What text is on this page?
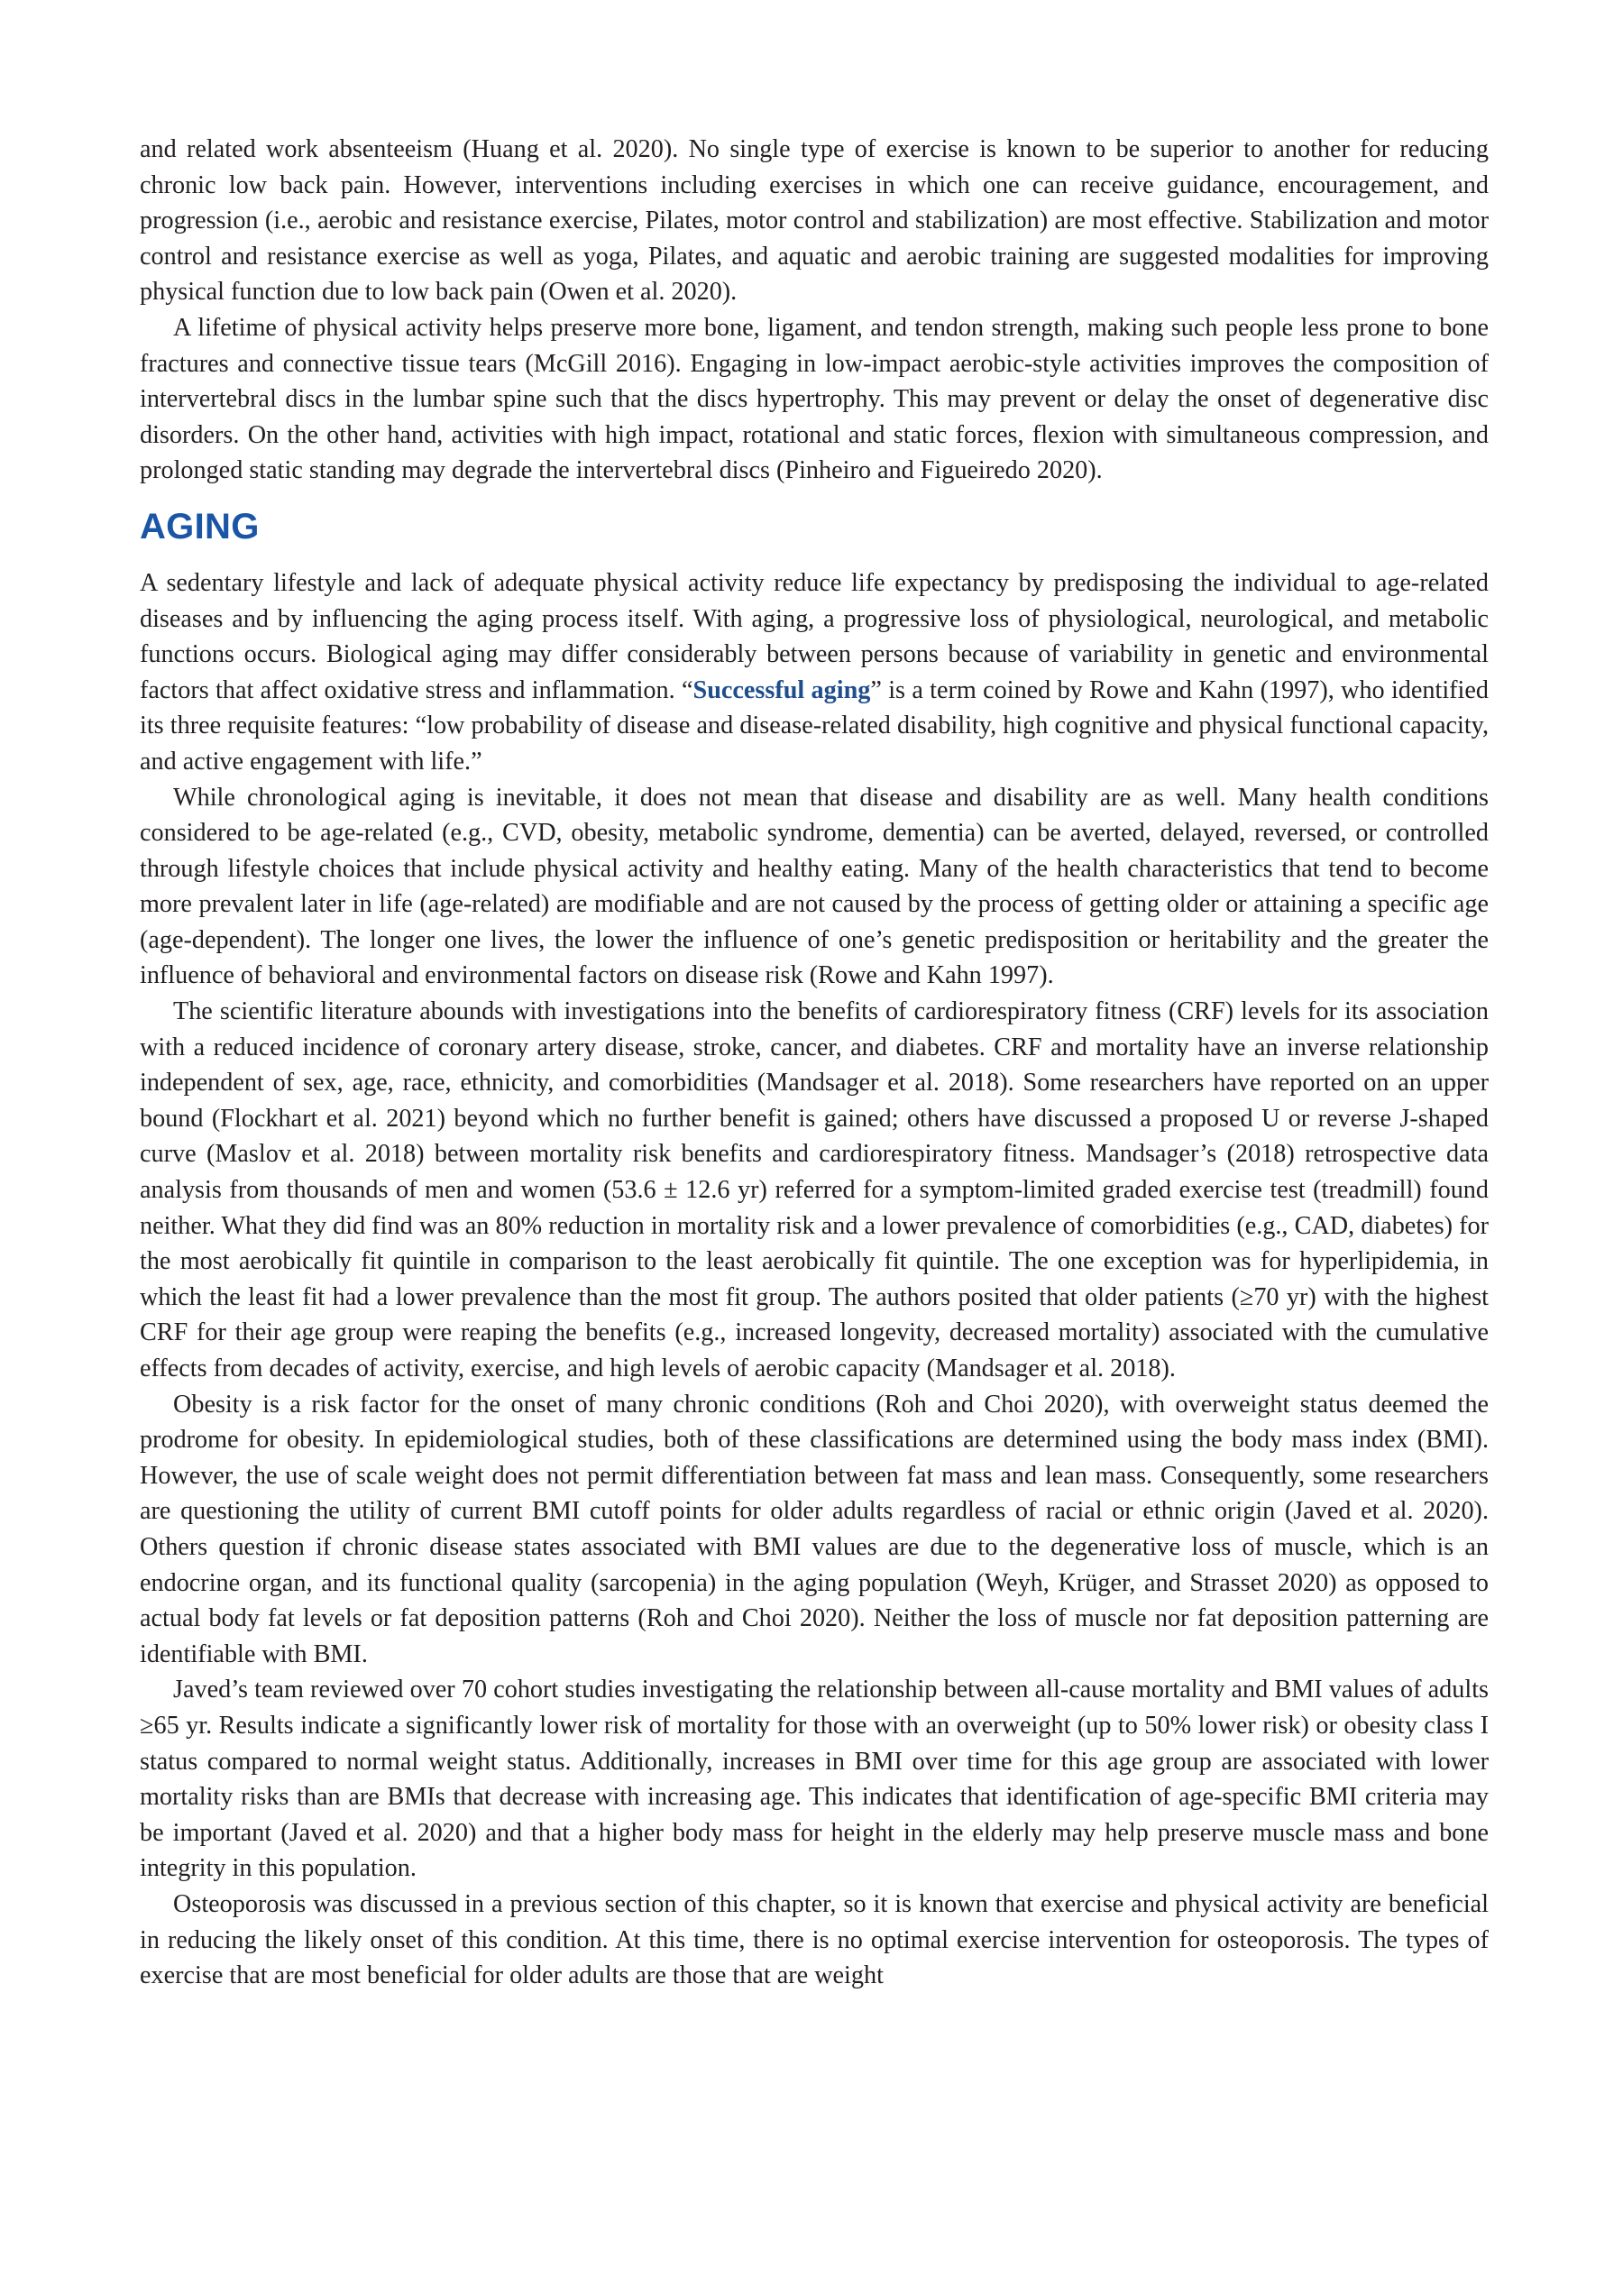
and related work absenteeism (Huang et al. 2020). No single type of exercise is known to be superior to another for reducing chronic low back pain. However, interventions including exercises in which one can receive guidance, encouragement, and progression (i.e., aerobic and resistance exercise, Pilates, motor control and stabilization) are most effective. Stabilization and motor control and resistance exercise as well as yoga, Pilates, and aquatic and aerobic training are suggested modalities for improving physical function due to low back pain (Owen et al. 2020).

A lifetime of physical activity helps preserve more bone, ligament, and tendon strength, making such people less prone to bone fractures and connective tissue tears (McGill 2016). Engaging in low-impact aerobic-style activities improves the composition of intervertebral discs in the lumbar spine such that the discs hypertrophy. This may prevent or delay the onset of degenerative disc disorders. On the other hand, activities with high impact, rotational and static forces, flexion with simultaneous compression, and prolonged static standing may degrade the intervertebral discs (Pinheiro and Figueiredo 2020).

AGING

A sedentary lifestyle and lack of adequate physical activity reduce life expectancy by predisposing the individual to age-related diseases and by influencing the aging process itself. With aging, a progressive loss of physiological, neurological, and metabolic functions occurs. Biological aging may differ considerably between persons because of variability in genetic and environmental factors that affect oxidative stress and inflammation. “Successful aging” is a term coined by Rowe and Kahn (1997), who identified its three requisite features: “low probability of disease and disease-related disability, high cognitive and physical functional capacity, and active engagement with life.”

While chronological aging is inevitable, it does not mean that disease and disability are as well. Many health conditions considered to be age-related (e.g., CVD, obesity, metabolic syndrome, dementia) can be averted, delayed, reversed, or controlled through lifestyle choices that include physical activity and healthy eating. Many of the health characteristics that tend to become more prevalent later in life (age-related) are modifiable and are not caused by the process of getting older or attaining a specific age (age-dependent). The longer one lives, the lower the influence of one’s genetic predisposition or heritability and the greater the influence of behavioral and environmental factors on disease risk (Rowe and Kahn 1997).

The scientific literature abounds with investigations into the benefits of cardiorespiratory fitness (CRF) levels for its association with a reduced incidence of coronary artery disease, stroke, cancer, and diabetes. CRF and mortality have an inverse relationship independent of sex, age, race, ethnicity, and comorbidities (Mandsager et al. 2018). Some researchers have reported on an upper bound (Flockhart et al. 2021) beyond which no further benefit is gained; others have discussed a proposed U or reverse J-shaped curve (Maslov et al. 2018) between mortality risk benefits and cardiorespiratory fitness. Mandsager’s (2018) retrospective data analysis from thousands of men and women (53.6 ± 12.6 yr) referred for a symptom-limited graded exercise test (treadmill) found neither. What they did find was an 80% reduction in mortality risk and a lower prevalence of comorbidities (e.g., CAD, diabetes) for the most aerobically fit quintile in comparison to the least aerobically fit quintile. The one exception was for hyperlipidemia, in which the least fit had a lower prevalence than the most fit group. The authors posited that older patients (≥70 yr) with the highest CRF for their age group were reaping the benefits (e.g., increased longevity, decreased mortality) associated with the cumulative effects from decades of activity, exercise, and high levels of aerobic capacity (Mandsager et al. 2018).

Obesity is a risk factor for the onset of many chronic conditions (Roh and Choi 2020), with overweight status deemed the prodrome for obesity. In epidemiological studies, both of these classifications are determined using the body mass index (BMI). However, the use of scale weight does not permit differentiation between fat mass and lean mass. Consequently, some researchers are questioning the utility of current BMI cutoff points for older adults regardless of racial or ethnic origin (Javed et al. 2020). Others question if chronic disease states associated with BMI values are due to the degenerative loss of muscle, which is an endocrine organ, and its functional quality (sarcopenia) in the aging population (Weyh, Krüger, and Strasset 2020) as opposed to actual body fat levels or fat deposition patterns (Roh and Choi 2020). Neither the loss of muscle nor fat deposition patterning are identifiable with BMI.

Javed’s team reviewed over 70 cohort studies investigating the relationship between all-cause mortality and BMI values of adults ≥65 yr. Results indicate a significantly lower risk of mortality for those with an overweight (up to 50% lower risk) or obesity class I status compared to normal weight status. Additionally, increases in BMI over time for this age group are associated with lower mortality risks than are BMIs that decrease with increasing age. This indicates that identification of age-specific BMI criteria may be important (Javed et al. 2020) and that a higher body mass for height in the elderly may help preserve muscle mass and bone integrity in this population.

Osteoporosis was discussed in a previous section of this chapter, so it is known that exercise and physical activity are beneficial in reducing the likely onset of this condition. At this time, there is no optimal exercise intervention for osteoporosis. The types of exercise that are most beneficial for older adults are those that are weight
